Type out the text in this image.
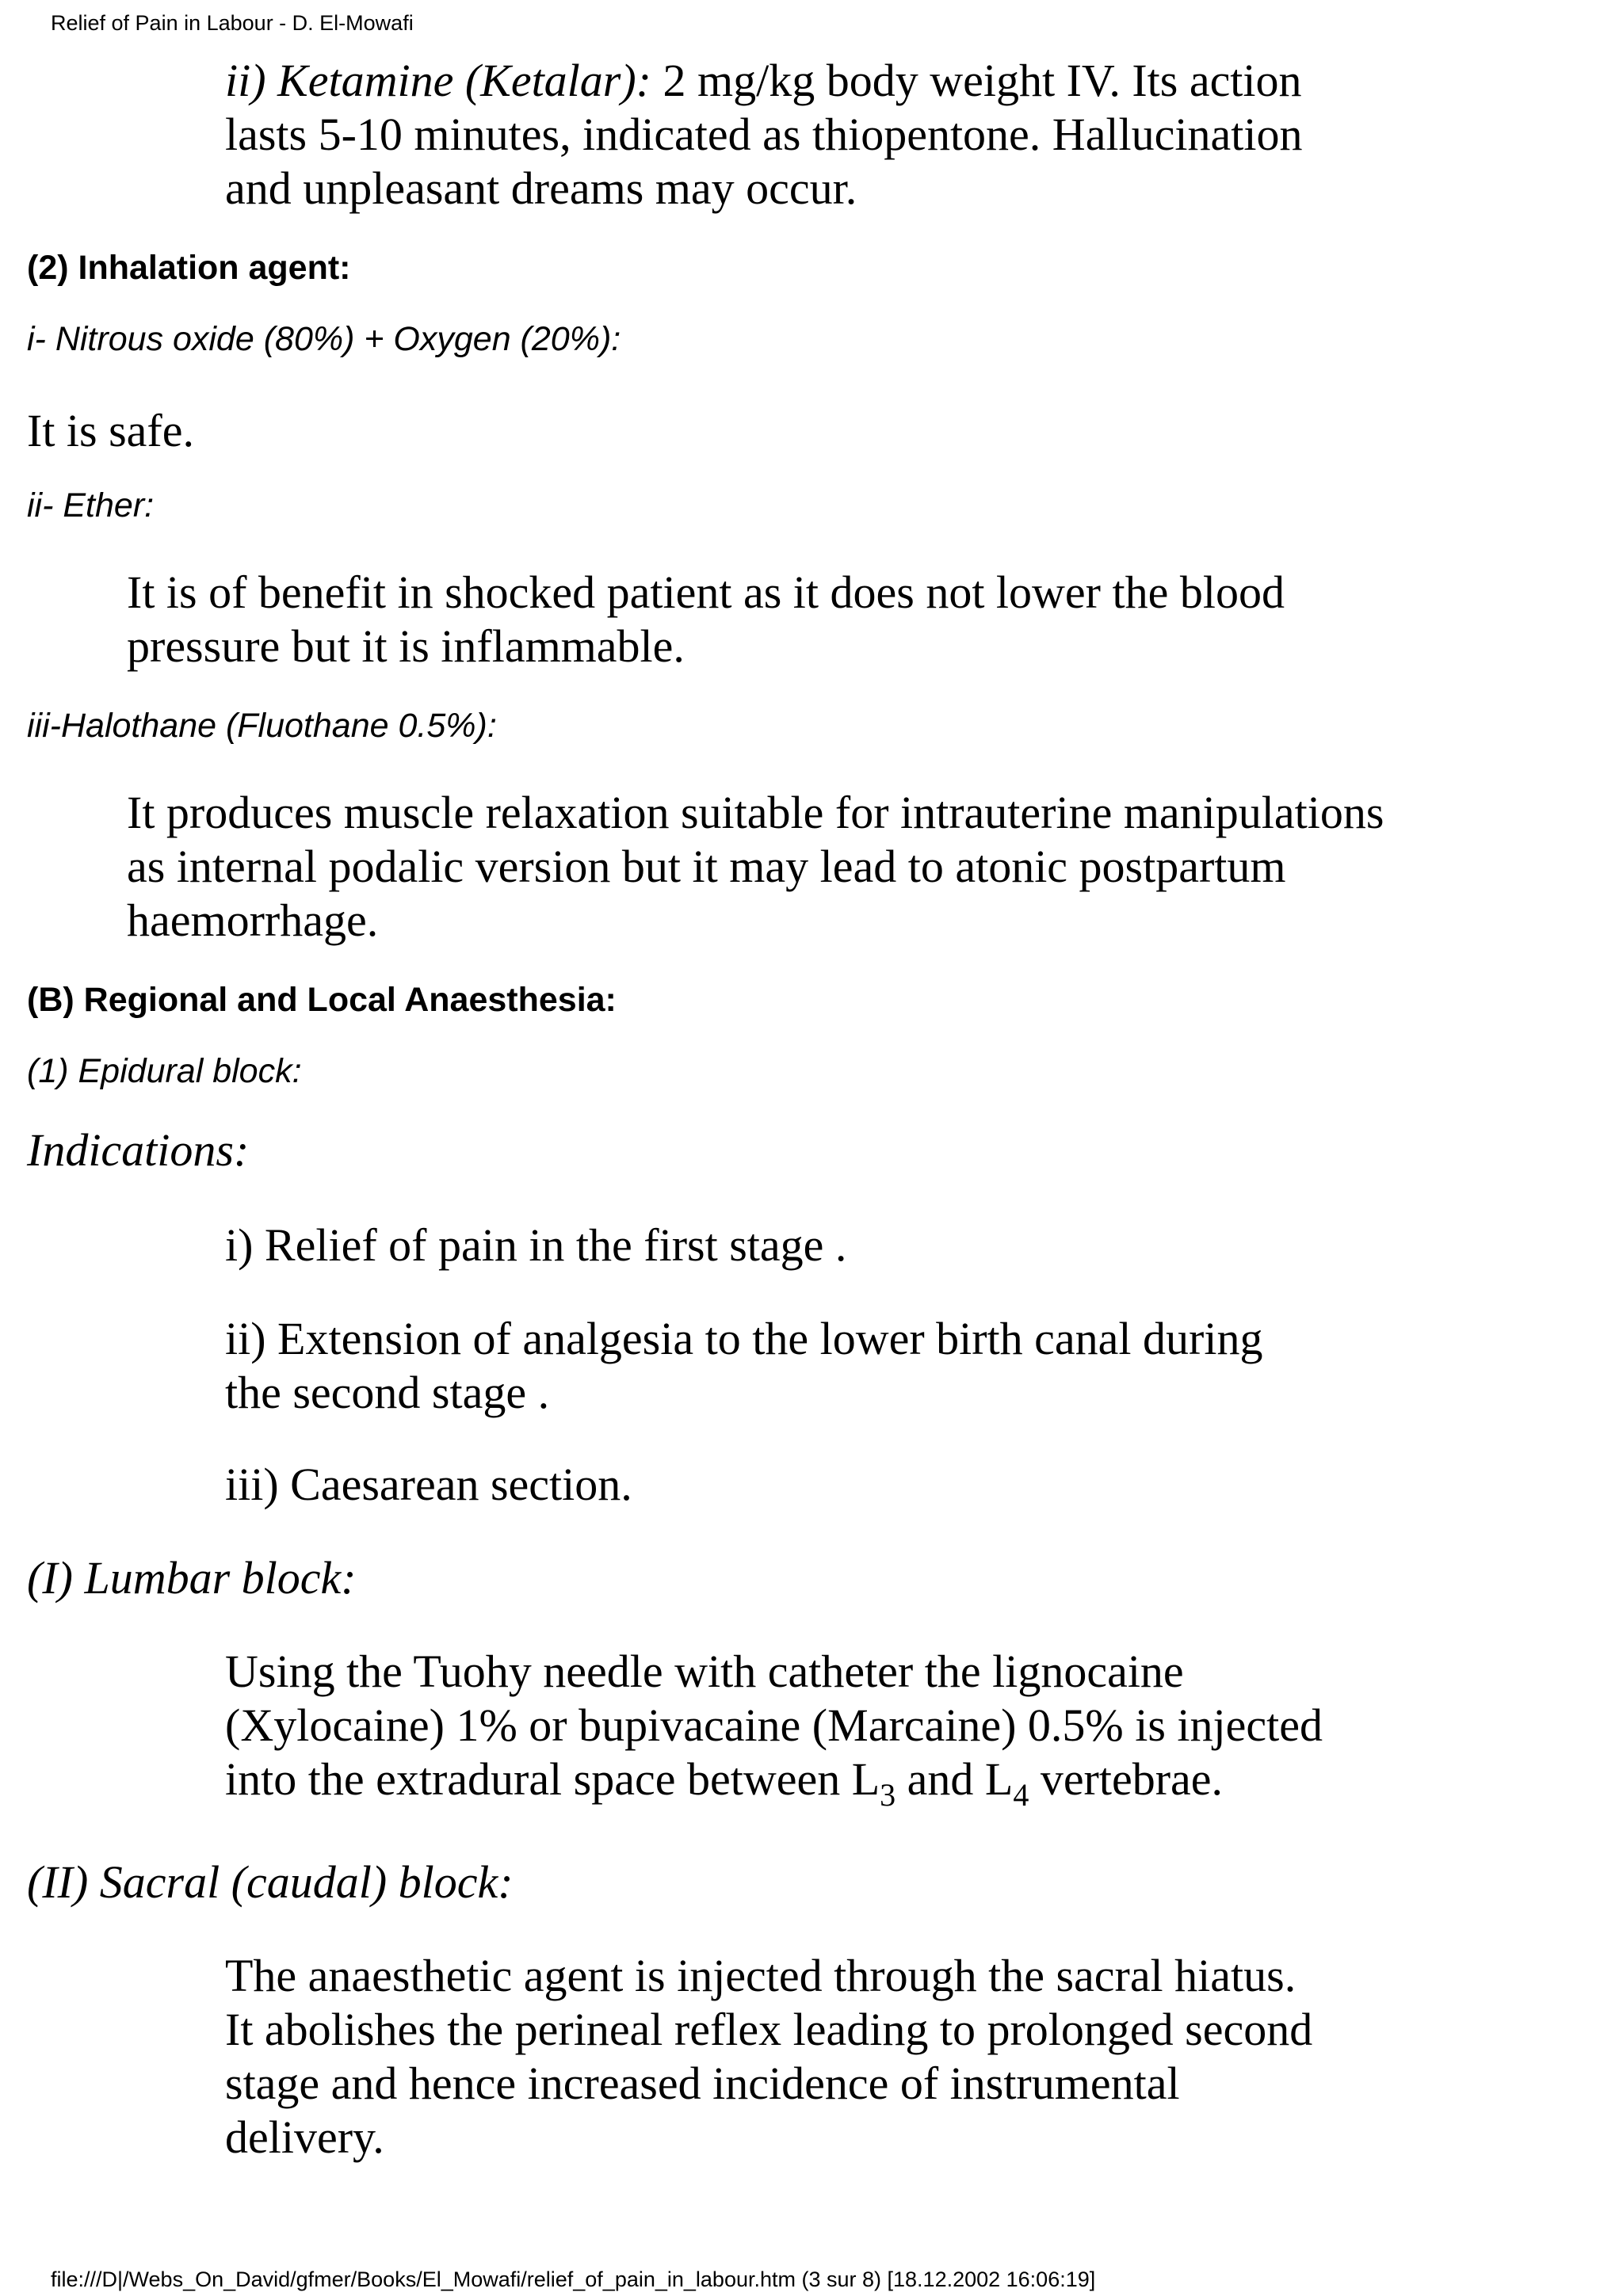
Relief of Pain in Labour - D. El-Mowafi
ii) Ketamine (Ketalar): 2 mg/kg body weight IV. Its action
lasts 5-10 minutes, indicated as thiopentone. Hallucination
and unpleasant dreams may occur.
(2) Inhalation agent:
i- Nitrous oxide (80%) + Oxygen (20%):
It is safe.
ii- Ether:
It is of benefit in shocked patient as it does not lower the blood
pressure but it is inflammable.
iii-Halothane (Fluothane 0.5%):
It produces muscle relaxation suitable for intrauterine manipulations
as internal podalic version but it may lead to atonic postpartum
haemorrhage.
(B) Regional and Local Anaesthesia:
(1) Epidural block:
Indications:
i) Relief of pain in the first stage .
ii) Extension of analgesia to the lower birth canal during
the second stage .
iii) Caesarean section.
(I) Lumbar block:
Using the Tuohy needle with catheter the lignocaine
(Xylocaine) 1% or bupivacaine (Marcaine) 0.5% is injected
into the extradural space between $L_3$ and $L_4$ vertebrae.
(II) Sacral (caudal) block:
The anaesthetic agent is injected through the sacral hiatus.
It abolishes the perineal reflex leading to prolonged second
stage and hence increased incidence of instrumental
delivery.
file:///D|/Webs_On_David/gfmer/Books/El_Mowafi/relief_of_pain_in_labour.htm (3 sur 8) [18.12.2002 16:06:19]
